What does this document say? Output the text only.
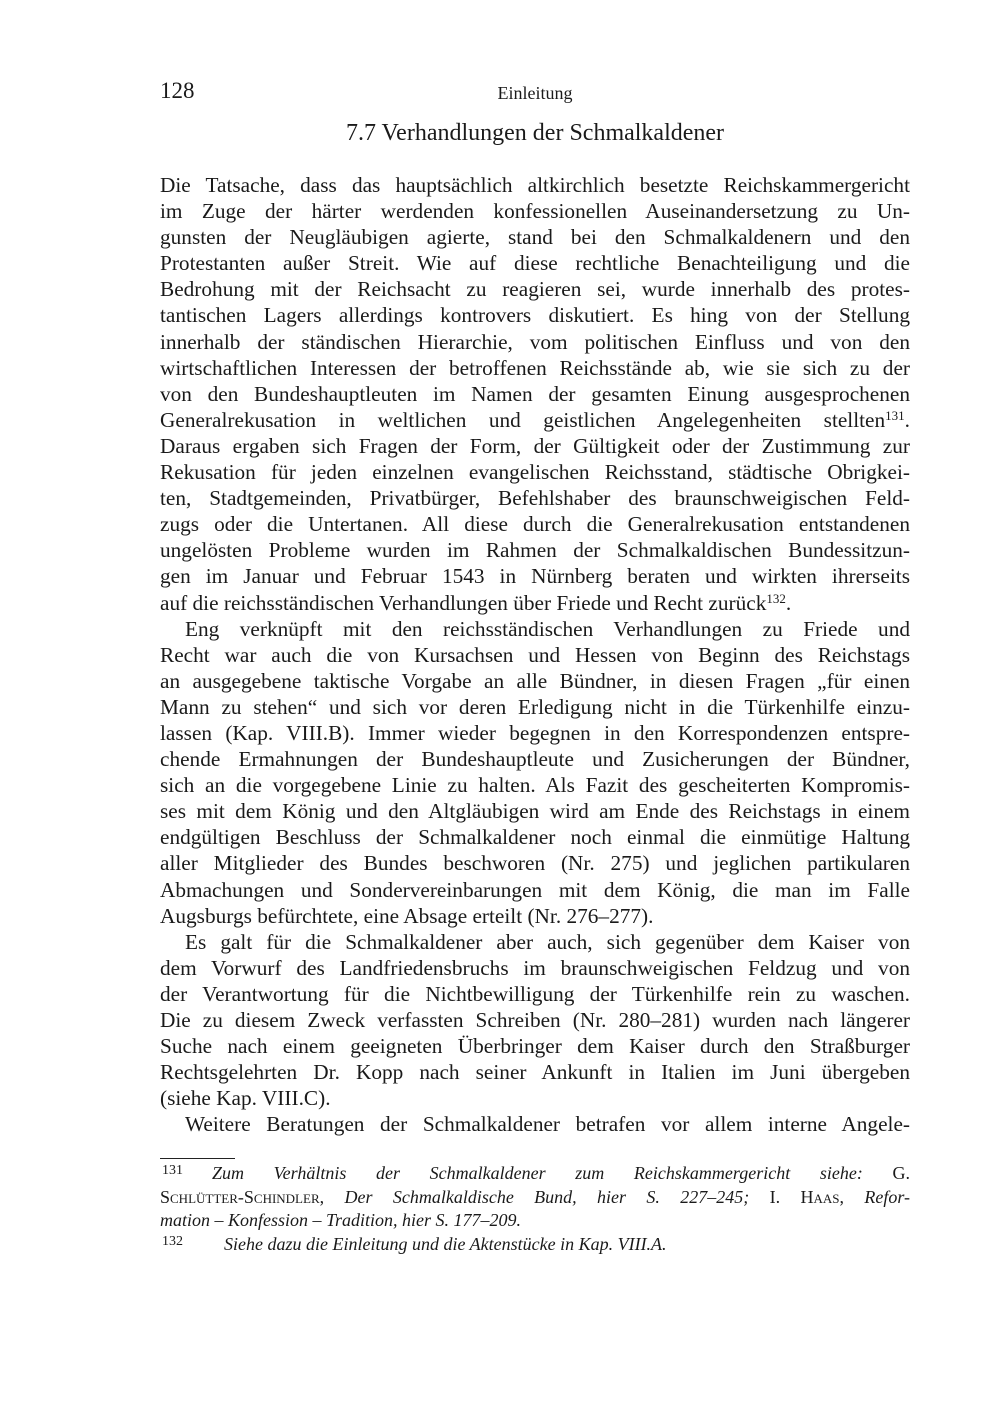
128	Einleitung
7.7 Verhandlungen der Schmalkaldener
Die Tatsache, dass das hauptsächlich altkirchlich besetzte Reichskammergericht
im Zuge der härter werdenden konfessionellen Auseinandersetzung zu Un-
gunsten der Neugläubigen agierte, stand bei den Schmalkaldenern und den
Protestanten außer Streit. Wie auf diese rechtliche Benachteiligung und die
Bedrohung mit der Reichsacht zu reagieren sei, wurde innerhalb des protes-
tantischen Lagers allerdings kontrovers diskutiert. Es hing von der Stellung
innerhalb der ständischen Hierarchie, vom politischen Einfluss und von den
wirtschaftlichen Interessen der betroffenen Reichsstände ab, wie sie sich zu der
von den Bundeshauptleuten im Namen der gesamten Einung ausgesprochenen
Generalrekusation in weltlichen und geistlichen Angelegenheiten stellten$^{131}$.
Daraus ergaben sich Fragen der Form, der Gültigkeit oder der Zustimmung zur
Rekusation für jeden einzelnen evangelischen Reichsstand, städtische Obrigkei-
ten, Stadtgemeinden, Privatbürger, Befehlshaber des braunschweigischen Feld-
zugs oder die Untertanen. All diese durch die Generalrekusation entstandenen
ungelösten Probleme wurden im Rahmen der Schmalkaldischen Bundessitzun-
gen im Januar und Februar 1543 in Nürnberg beraten und wirkten ihrerseits
auf die reichsständischen Verhandlungen über Friede und Recht zurück$^{132}$.
Eng verknüpft mit den reichsständischen Verhandlungen zu Friede und
Recht war auch die von Kursachsen und Hessen von Beginn des Reichstags
an ausgegebene taktische Vorgabe an alle Bündner, in diesen Fragen „für einen
Mann zu stehen“ und sich vor deren Erledigung nicht in die Türkenhilfe einzu-
lassen (Kap. VIII.B). Immer wieder begegnen in den Korrespondenzen entspre-
chende Ermahnungen der Bundeshauptleute und Zusicherungen der Bündner,
sich an die vorgegebene Linie zu halten. Als Fazit des gescheiterten Kompromis-
ses mit dem König und den Altgläubigen wird am Ende des Reichstags in einem
endgültigen Beschluss der Schmalkaldener noch einmal die einmütige Haltung
aller Mitglieder des Bundes beschworen (Nr. 275) und jeglichen partikularen
Abmachungen und Sondervereinbarungen mit dem König, die man im Falle
Augsburgs befürchtete, eine Absage erteilt (Nr. 276–277).
Es galt für die Schmalkaldener aber auch, sich gegenüber dem Kaiser von
dem Vorwurf des Landfriedensbruchs im braunschweigischen Feldzug und von
der Verantwortung für die Nichtbewilligung der Türkenhilfe rein zu waschen.
Die zu diesem Zweck verfassten Schreiben (Nr. 280–281) wurden nach längerer
Suche nach einem geeigneten Überbringer dem Kaiser durch den Straßburger
Rechtsgelehrten Dr. Kopp nach seiner Ankunft in Italien im Juni übergeben
(siehe Kap. VIII.C).
Weitere Beratungen der Schmalkaldener betrafen vor allem interne Angele-
131 Zum Verhältnis der Schmalkaldener zum Reichskammergericht siehe: G.
Schlütter-Schindler, Der Schmalkaldische Bund, hier S. 227–245; I. Haas, Refor-
mation – Konfession – Tradition, hier S. 177–209.
132 Siehe dazu die Einleitung und die Aktenstücke in Kap. VIII.A.
